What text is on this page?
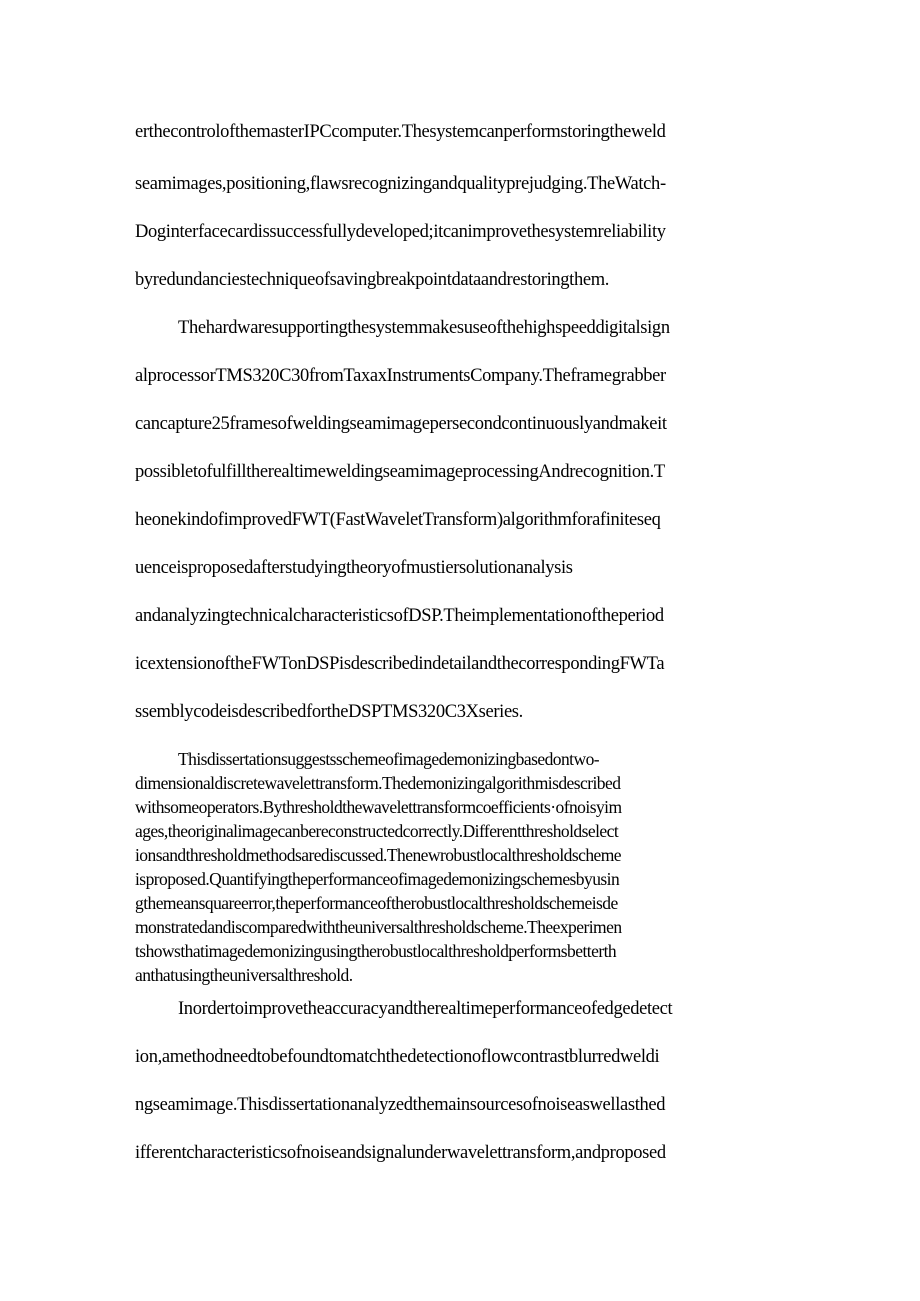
erthecontrolofthemasterIPCcomputer.Thesystemcanperformstoringtheweld

seamimages,positioning,flawsrecognizingandqualityprejudging.TheWatch-

Doginterfacecardissuccessfullydeveloped;itcanimprovethesystemreliability

byredundanciestechniqueofsavingbreakpointdataandrestoringthem.

Thehardwaresupportingthesystemmakesuseofthehighspeeddigitalsign

alprocessorTMS320C30fromTaxaxInstrumentsCompany.Theframegrabber

cancapture25framesofweldingseamimagepersecondcontinuouslyandmakeit

possibletofulfilltherealtimeweldingseamimageprocessingAndrecognition.T

heonekindofimprovedFWT(FastWaveletTransform)algorithmforafiniteseq

uenceisproposedafterstudyingtheoryofmustiersolutionanalysis

andanalyzingtechnicalcharacteristicsofDSP.Theimplementationoftheperiod

icextensionoftheFWTonDSPisdescribedindetailandthecorrespondingFWTa

ssemblycodeisdescribedfortheDSPTMS320C3Xseries.

Thisdissertationsuggestsschemeofimagedemonizingbasedontwo-

dimensionaldiscretewavelettransform.Thedemonizingalgorithmisdescribed

withsomeoperators.Bythresholdthewavelettransformcoefficients·ofnoisyim

ages,theoriginalimagecanbereconstructedcorrectly.Differentthresholdselect

ionsandthresholdmethodsarediscussed.Thenewrobustlocalthresholdscheme

isproposed.Quantifyingtheperformanceofimagedemonizingschemesbyusin

gthemeansquareerror,theperformanceoftherobustlocalthresholdschemeisde

monstratedandiscomparedwiththeuniversalthresholdscheme.Theexperimen

tshowsthatimagedemonizingusingtherobustlocalthresholdperformsbetterth

anthatusingtheuniversalthreshold.

Inordertoimprovetheaccuracyandtherealtimeperformanceofedgedetect

ion,amethodneedtobefoundtomatchthedetectionoflowcontrastblurredweldi

ngseamimage.Thisdissertationanalyzedthemainsourcesofnoiseaswellasthed

ifferentcharacteristicsofnoiseandsignalunderwavelettransform,andproposed
